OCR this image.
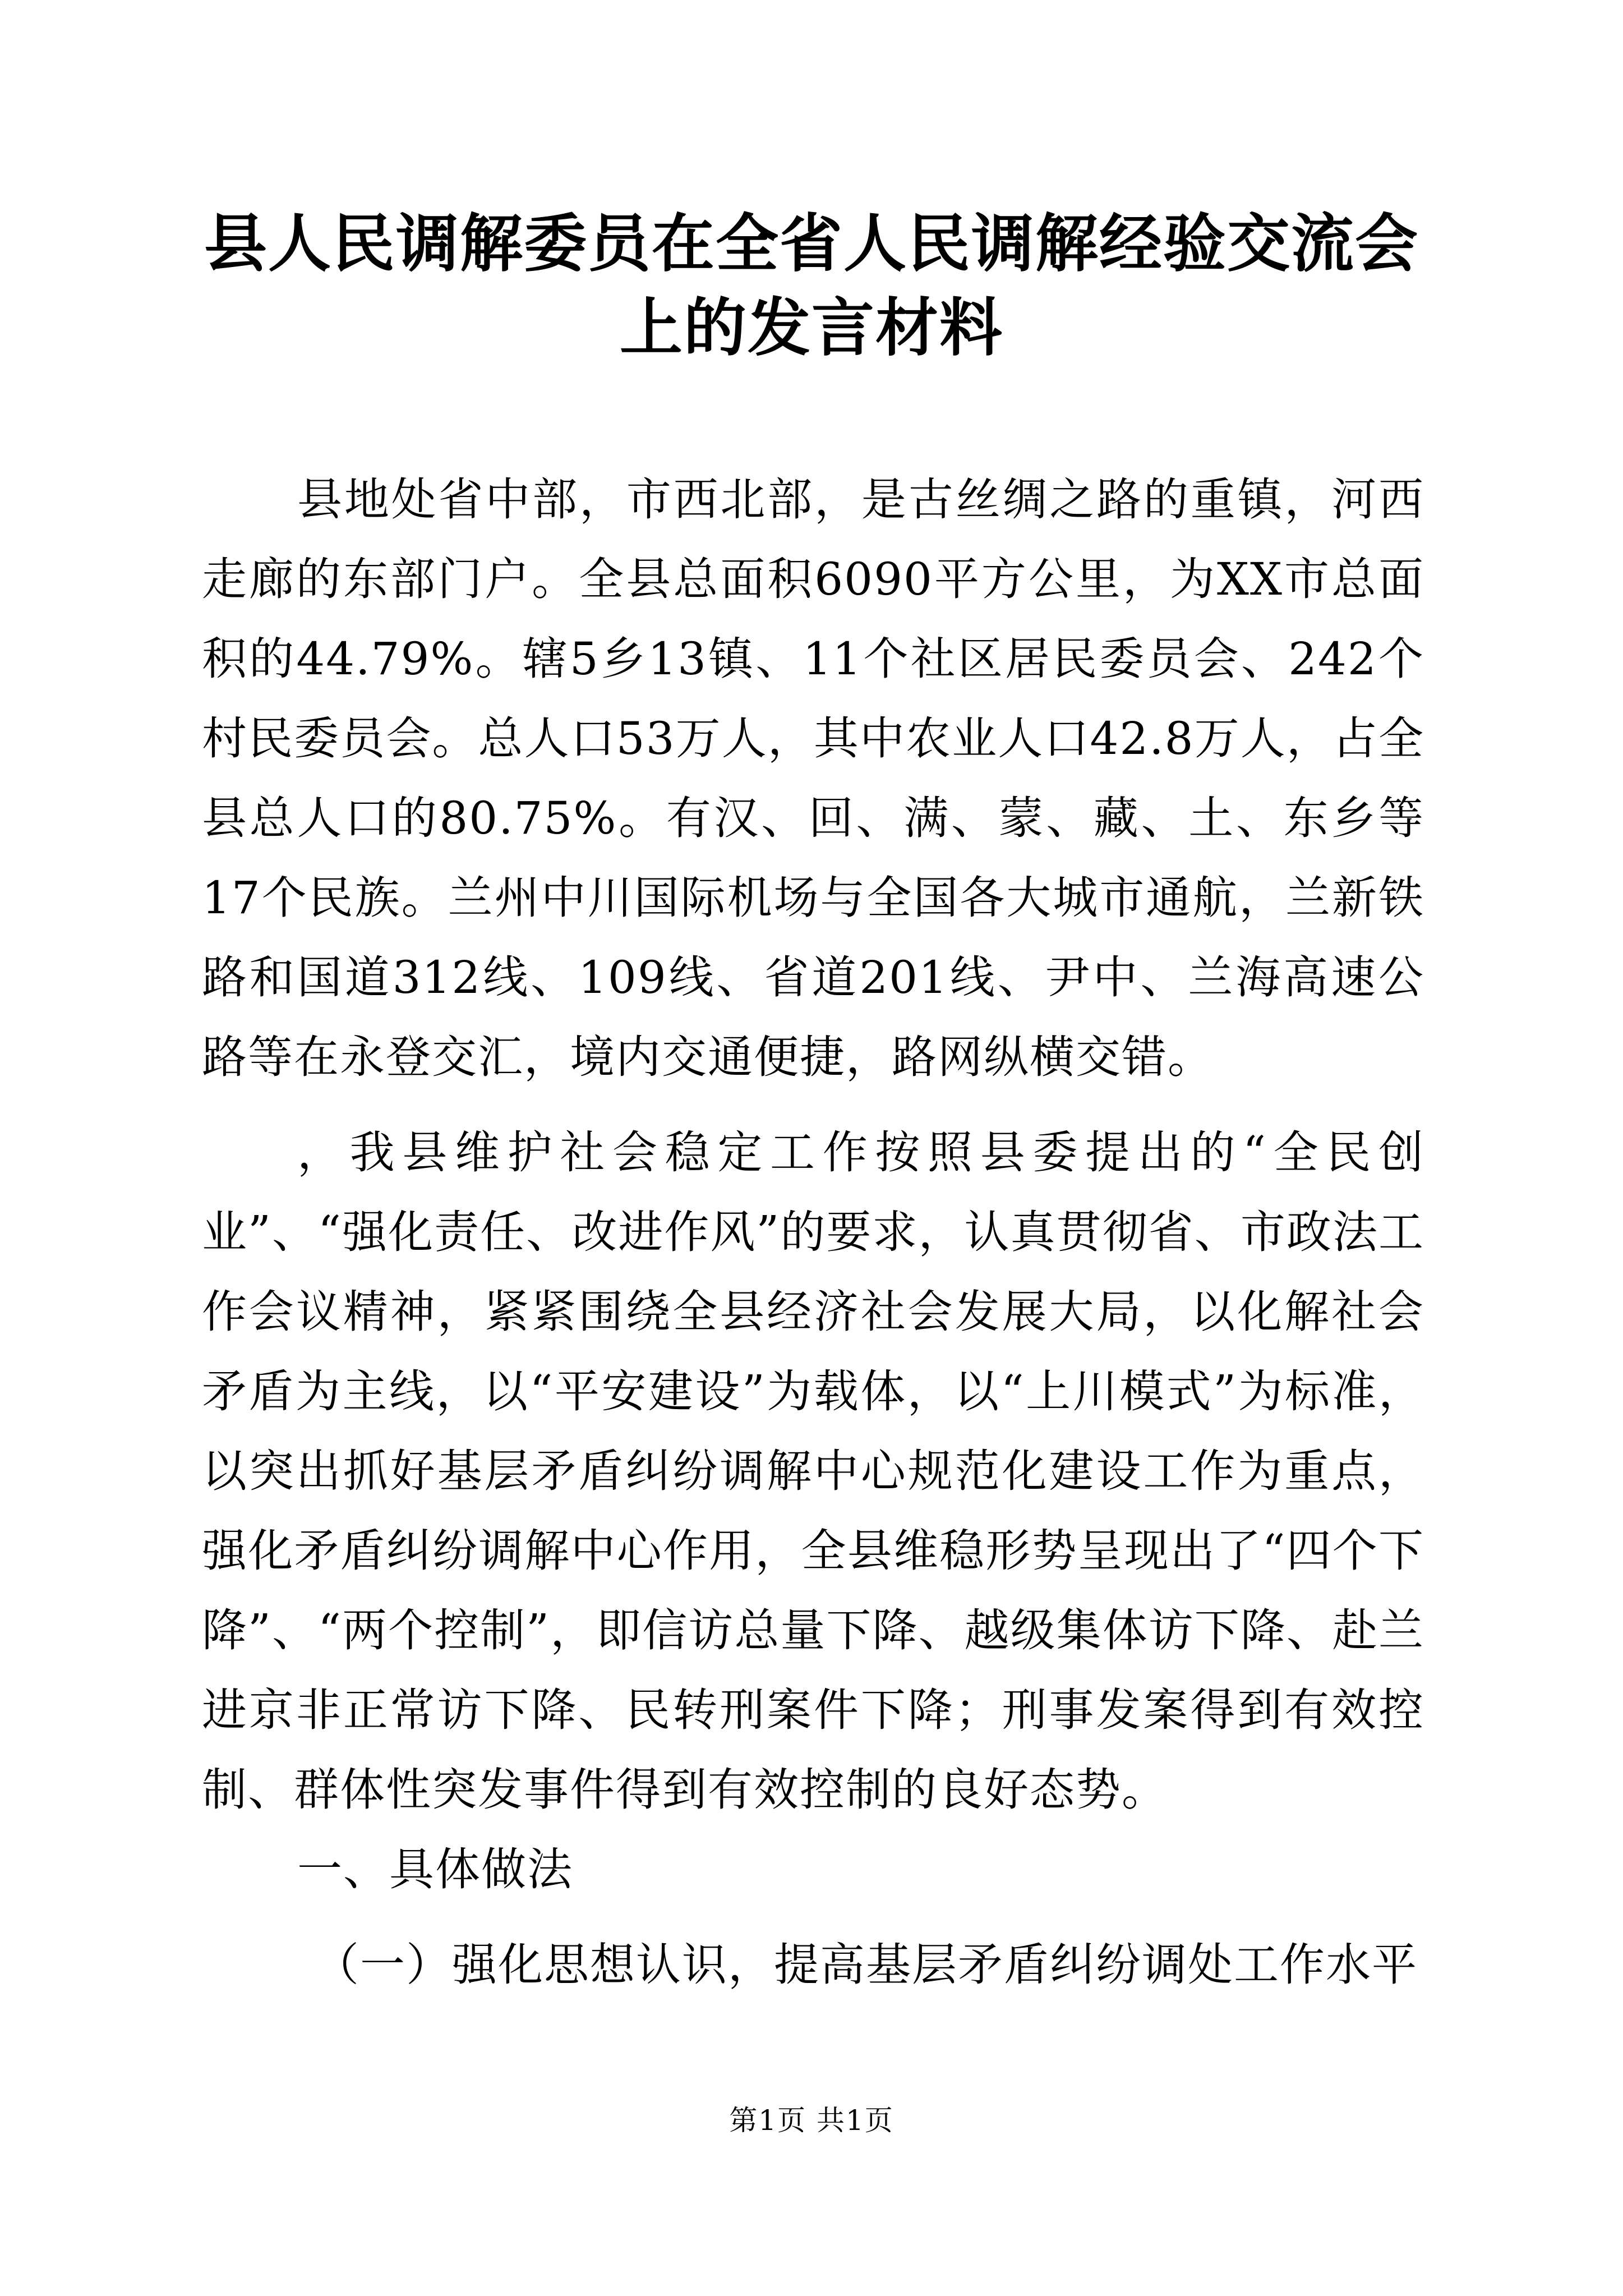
县人民调解委员在全省人民调解经验交流会上的发言材料

县地处省中部，市西北部，是古丝绸之路的重镇，河西走廊的东部门户。全县总面积6090平方公里，为XX市总面积的44.79%。辖5乡13镇、11个社区居民委员会、242个村民委员会。总人口53万人，其中农业人口42.8万人，占全县总人口的80.75%。有汉、回、满、蒙、藏、土、东乡等17个民族。兰州中川国际机场与全国各大城市通航，兰新铁路和国道312线、109线、省道201线、尹中、兰海高速公路等在永登交汇，境内交通便捷，路网纵横交错。

，我县维护社会稳定工作按照县委提出的“全民创业”、“强化责任、改进作风”的要求，认真贯彻省、市政法工作会议精神，紧紧围绕全县经济社会发展大局，以化解社会矛盾为主线，以“平安建设”为载体，以“上川模式”为标准，以突出抓好基层矛盾纠纷调解中心规范化建设工作为重点，强化矛盾纠纷调解中心作用，全县维稳形势呈现出了“四个下降”、“两个控制”，即信访总量下降、越级集体访下降、赴兰进京非正常访下降、民转刑案件下降；刑事发案得到有效控制、群体性突发事件得到有效控制的良好态势。

一、具体做法

（一）强化思想认识，提高基层矛盾纠纷调处工作水平

第1页 共1页
